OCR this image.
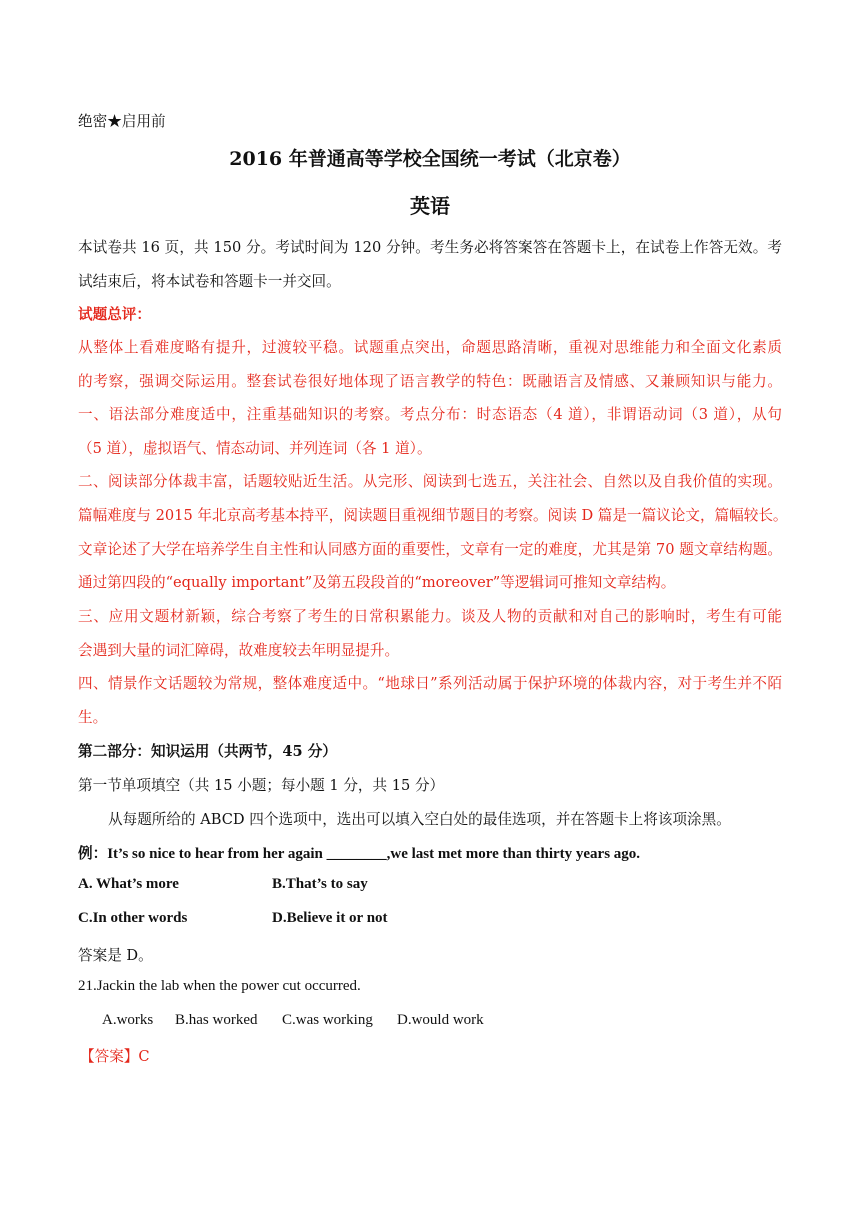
绝密★启用前

2016 年普通高等学校全国统一考试（北京卷）
英语

本试卷共 16 页，共 150 分。考试时间为 120 分钟。考生务必将答案答在答题卡上，在试卷上作答无效。考

试结束后，将本试卷和答题卡一并交回。

试题总评：

从整体上看难度略有提升，过渡较平稳。试题重点突出，命题思路清晰，重视对思维能力和全面文化素质

的考察，强调交际运用。整套试卷很好地体现了语言教学的特色：既融语言及情感、又兼顾知识与能力。

一、语法部分难度适中，注重基础知识的考察。考点分布：时态语态（4 道），非谓语动词（3 道），从句

（5 道），虚拟语气、情态动词、并列连词（各 1 道）。

二、阅读部分体裁丰富，话题较贴近生活。从完形、阅读到七选五，关注社会、自然以及自我价值的实现。

篇幅难度与 2015 年北京高考基本持平，阅读题目重视细节题目的考察。阅读 D 篇是一篇议论文，篇幅较长。

文章论述了大学在培养学生自主性和认同感方面的重要性，文章有一定的难度，尤其是第 70 题文章结构题。

通过第四段的“equally important”及第五段段首的“moreover”等逻辑词可推知文章结构。

三、应用文题材新颖，综合考察了考生的日常积累能力。谈及人物的贡献和对自己的影响时，考生有可能

会遇到大量的词汇障碍，故难度较去年明显提升。

四、情景作文话题较为常规，整体难度适中。“地球日”系列活动属于保护环境的体裁内容，对于考生并不陌

生。

第二部分：知识运用（共两节，45 分）

第一节单项填空（共 15 小题；每小题 1 分，共 15 分）

从每题所给的 ABCD 四个选项中，选出可以填入空白处的最佳选项，并在答题卡上将该项涂黑。

例：It’s so nice to hear from her again ________,we last met more than thirty years ago.

A. What’s more	B.That’s to say

C.In other words	D.Believe it or not

答案是 D。

21.Jackin the lab when the power cut occurred.

A.works B.has worked C.was working D.would work

【答案】C
